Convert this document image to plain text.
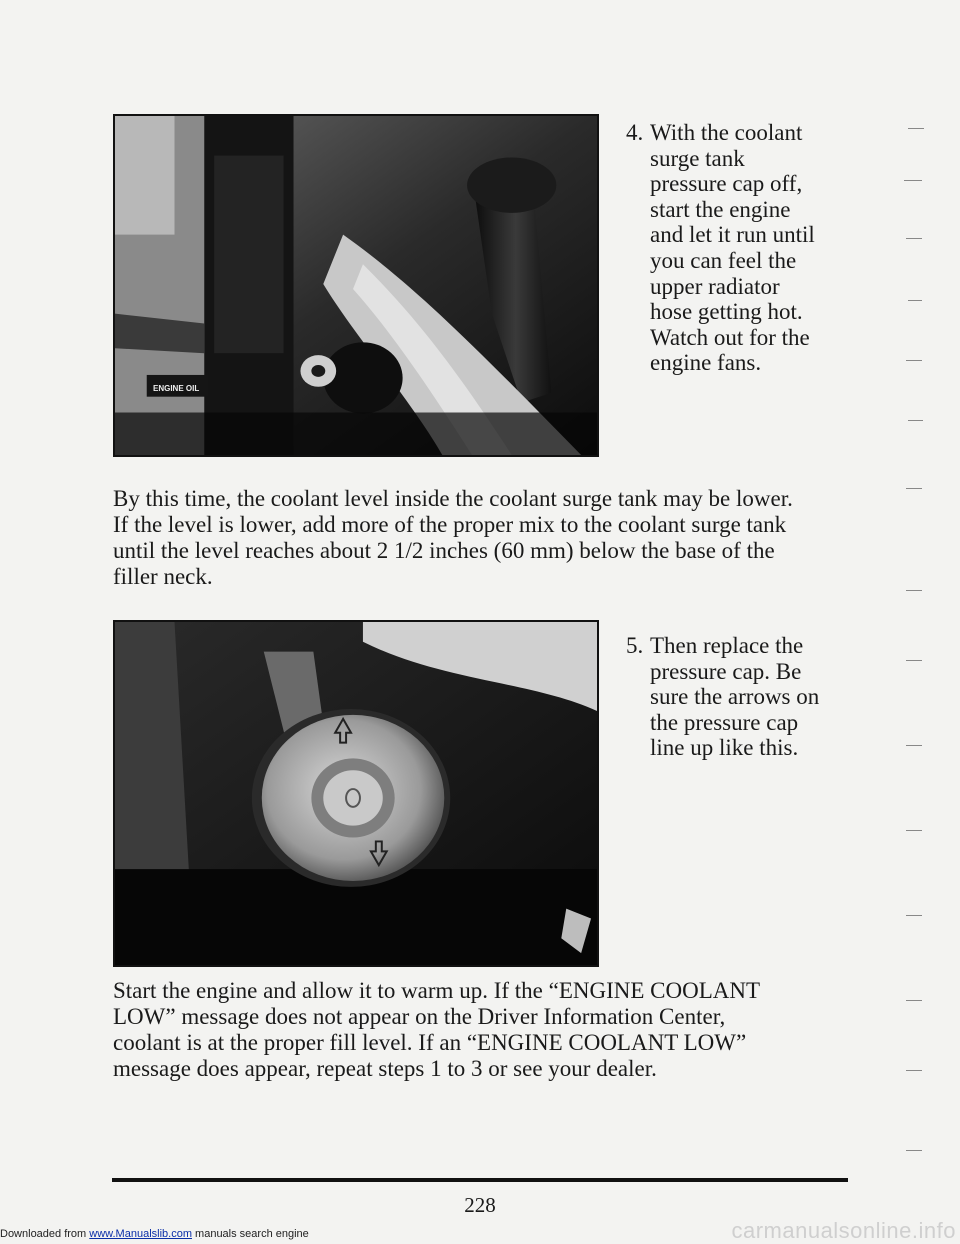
ENGINE OIL
4. With the coolant
surge tank
pressure cap off,
start the engine
and let it run until
you can feel the
upper radiator
hose getting hot.
Watch out for the
engine fans.
By this time, the coolant level inside the coolant surge tank may be lower.
If the level is lower, add more of the proper mix to the coolant surge tank
until the level reaches about 2 1/2 inches (60 mm) below the base of the
filler neck.
5. Then replace the
pressure cap. Be
sure the arrows on
the pressure cap
line up like this.
Start the engine and allow it to warm up. If the “ENGINE COOLANT
LOW” message does not appear on the Driver Information Center,
coolant is at the proper fill level. If an “ENGINE COOLANT LOW”
message does appear, repeat steps 1 to 3 or see your dealer.
228
Downloaded from www.Manualslib.com manuals search engine	carmanualsonline.info
